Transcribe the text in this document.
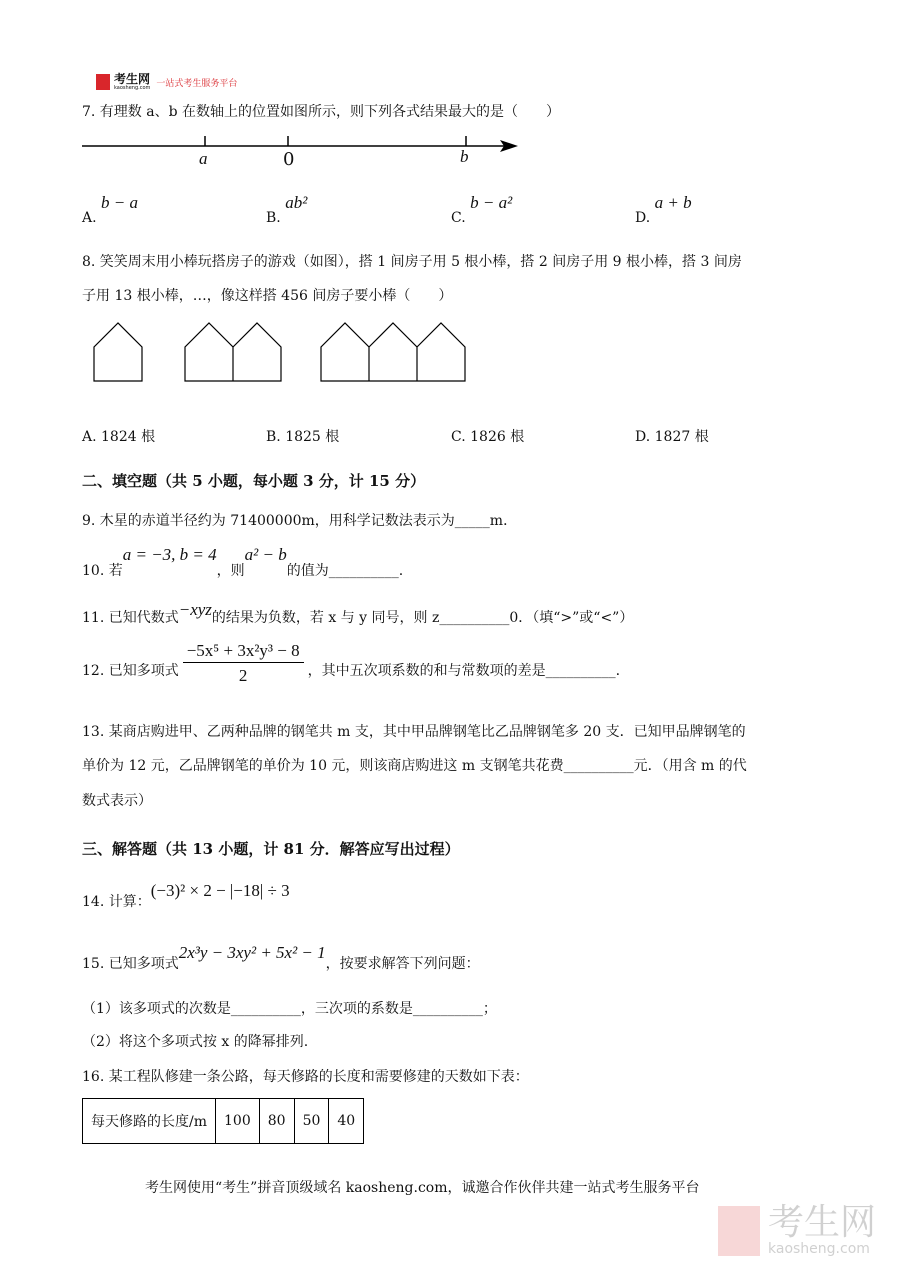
考生网
kaosheng.com 一站式考生服务平台
7. 有理数 a、b 在数轴上的位置如图所示，则下列各式结果最大的是（　　）
a	0	b
A. b − a
B. ab²
C. b − a²
D. a + b
8. 笑笑周末用小棒玩搭房子的游戏（如图），搭 1 间房子用 5 根小棒，搭 2 间房子用 9 根小棒，搭 3 间房
子用 13 根小棒，…，像这样搭 456 间房子要小棒（　　）
A. 1824 根	B. 1825 根	C. 1826 根	D. 1827 根
二、填空题（共 5 小题，每小题 3 分，计 15 分）
9. 木星的赤道半径约为 71400000m，用科学记数法表示为_____m．
10. 若a = −3, b = 4，则a² − b的值为__________.
11. 已知代数式−xyz的结果为负数，若 x 与 y 同号，则 z__________0．（填“>”或“<”）
12. 已知多项式
−5x⁵ + 3x²y³ − 8
2	，其中五次项系数的和与常数项的差是__________.
13. 某商店购进甲、乙两种品牌的钢笔共 m 支，其中甲品牌钢笔比乙品牌钢笔多 20 支．已知甲品牌钢笔的
单价为 12 元，乙品牌钢笔的单价为 10 元，则该商店购进这 m 支钢笔共花费__________元．（用含 m 的代
数式表示）
三、解答题（共 13 小题，计 81 分．解答应写出过程）
14. 计算：(−3)² × 2 − |−18| ÷ 3
15. 已知多项式2x³y − 3xy² + 5x² − 1，按要求解答下列问题：
（1）该多项式的次数是__________，三次项的系数是__________；
（2）将这个多项式按 x 的降幂排列.
16. 某工程队修建一条公路，每天修路的长度和需要修建的天数如下表：
每天修路的长度/m	100	80	50	40
考生网使用“考生”拼音顶级域名 kaosheng.com，诚邀合作伙伴共建一站式考生服务平台
考生网
kaosheng.com
